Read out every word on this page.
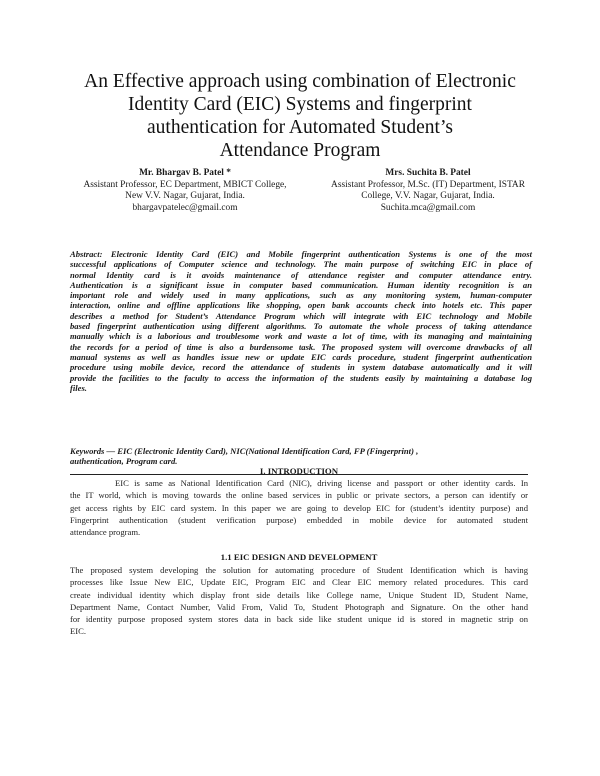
An Effective approach using combination of Electronic
Identity Card (EIC) Systems and fingerprint
authentication for Automated Student’s
Attendance Program
Mr. Bhargav B. Patel *
Assistant Professor, EC Department, MBICT College,
New V.V. Nagar, Gujarat, India.
bhargavpatelec@gmail.com
Mrs. Suchita B. Patel
Assistant Professor, M.Sc. (IT) Department, ISTAR
College, V.V. Nagar, Gujarat, India.
Suchita.mca@gmail.com
Abstract: Electronic Identity Card (EIC) and Mobile fingerprint authentication Systems is one of the most
successful applications of Computer science and technology. The main purpose of switching EIC in place of
normal Identity card is it avoids maintenance of attendance register and computer attendance entry.
Authentication is a significant issue in computer based communication. Human identity recognition is an
important role and widely used in many applications, such as any monitoring system, human-computer
interaction, online and offline applications like shopping, open bank accounts check into hotels etc. This paper
describes a method for Student’s Attendance Program which will integrate with EIC technology and Mobile
based fingerprint authentication using different algorithms. To automate the whole process of taking attendance
manually which is a laborious and troublesome work and waste a lot of time, with its managing and maintaining
the records for a period of time is also a burdensome task. The proposed system will overcome drawbacks of all
manual systems as well as handles issue new or update EIC cards procedure, student fingerprint authentication
procedure using mobile device, record the attendance of students in system database automatically and it will
provide the facilities to the faculty to access the information of the students easily by maintaining a database log
files.
Keywords — EIC (Electronic Identity Card), NIC(National Identification Card, FP (Fingerprint) ,
authentication, Program card.
I. INTRODUCTION
EIC is same as National Identification Card (NIC), driving license and passport or other identity cards. In
the IT world, which is moving towards the online based services in public or private sectors, a person can identify or
get access rights by EIC card system. In this paper we are going to develop EIC for (student’s identity purpose) and
Fingerprint authentication (student verification purpose) embedded in mobile device for automated student
attendance program.
1.1 EIC DESIGN AND DEVELOPMENT
The proposed system developing the solution for automating procedure of Student Identification which is having
processes like Issue New EIC, Update EIC, Program EIC and Clear EIC memory related procedures. This card
create individual identity which display front side details like College name, Unique Student ID, Student Name,
Department Name, Contact Number, Valid From, Valid To, Student Photograph and Signature. On the other hand
for identity purpose proposed system stores data in back side like student unique id is stored in magnetic strip on
EIC.
